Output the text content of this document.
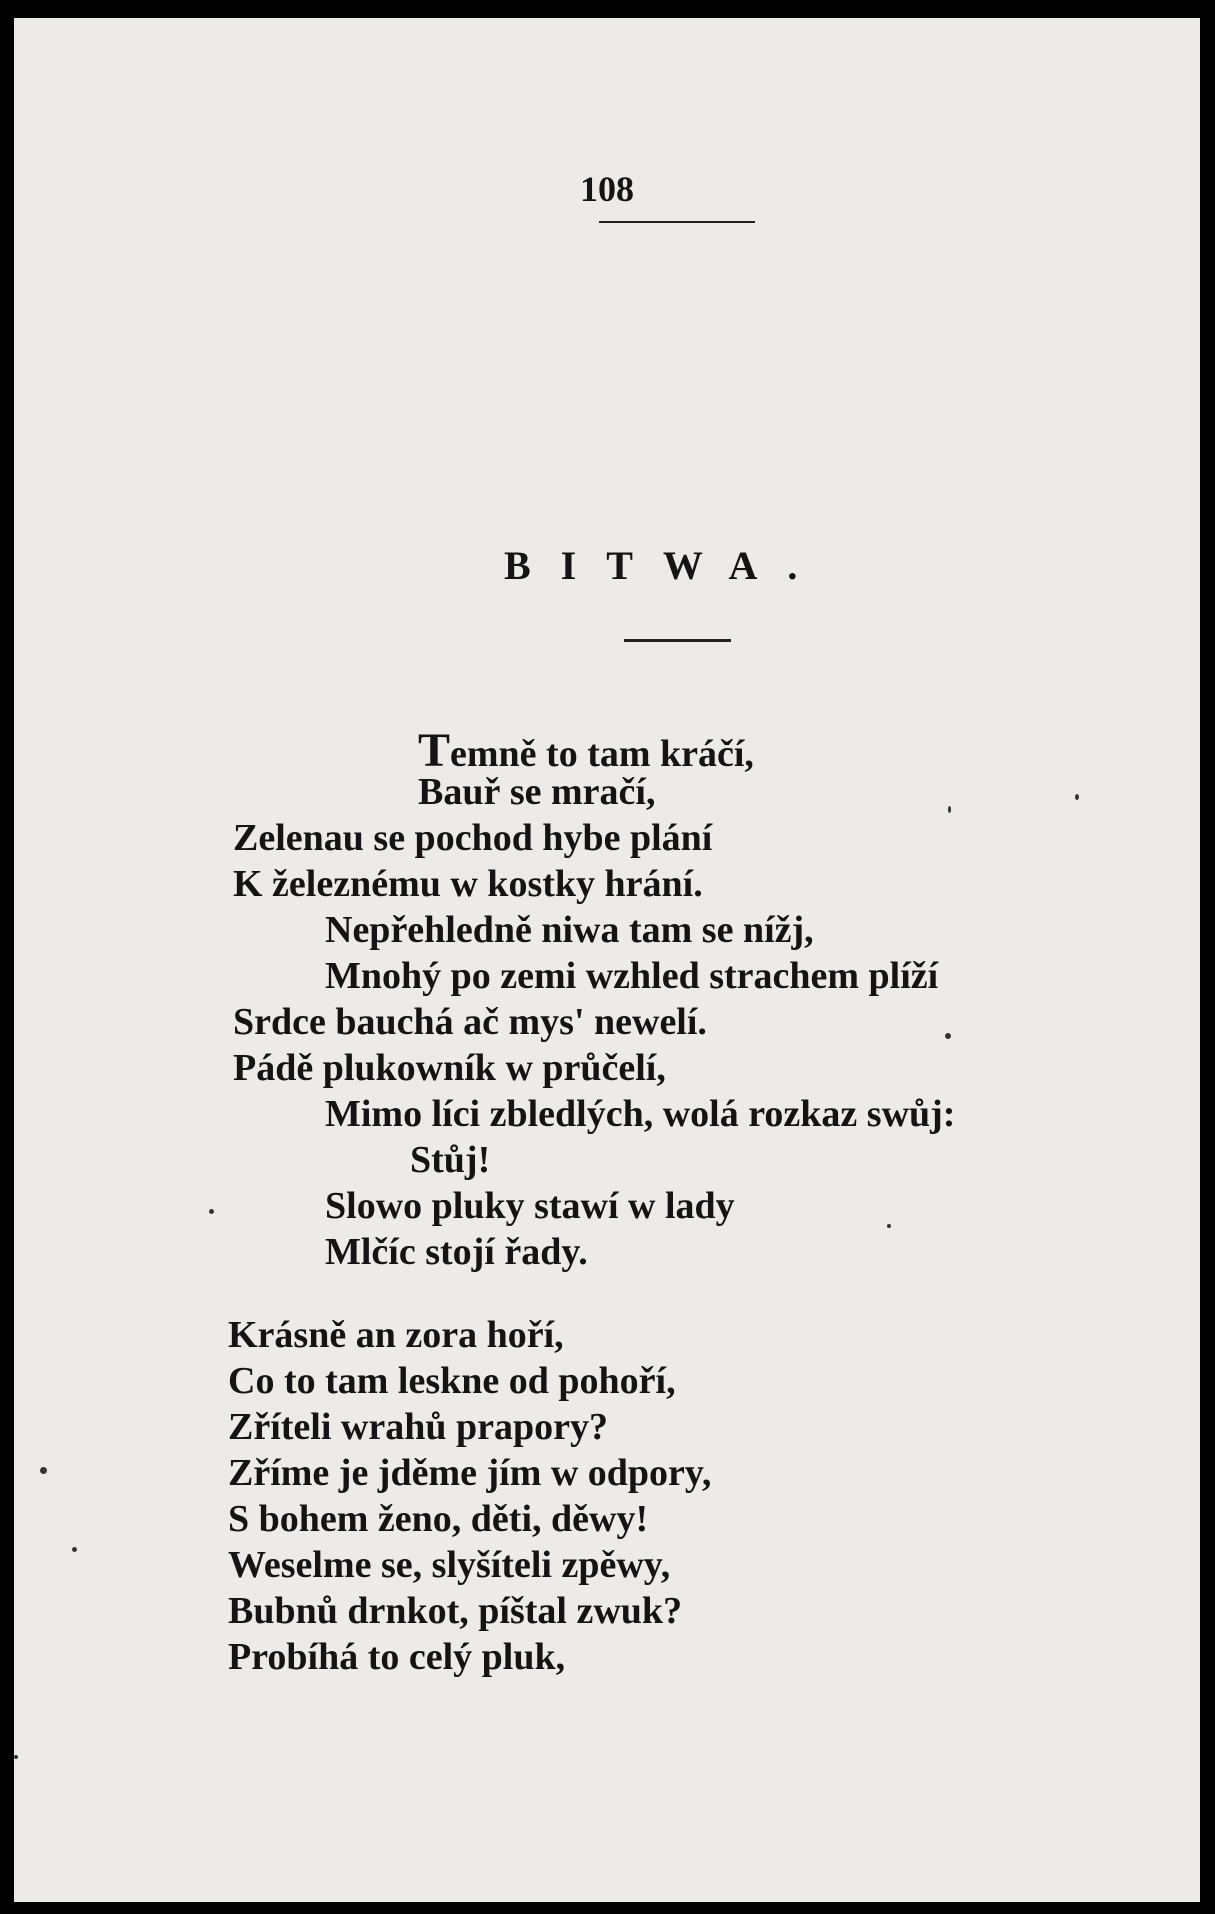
108
BITWA.
Temně to tam kráčí,
Bauř se mračí,
Zelenau se pochod hybe plání
K železnému w kostky hrání.
Nepřehledně niwa tam se nížj,
Mnohý po zemi wzhled strachem plíží
Srdce bauchá ač mys' newelí.
Pádě plukowník w průčelí,
Mimo líci zbledlých, wolá rozkaz swůj:
Stůj!
Slowo pluky stawí w lady
Mlčíc stojí řady.
Krásně an zora hoří,
Co to tam leskne od pohoří,
Zříteli wrahů prapory?
Zříme je jděme jím w odpory,
S bohem ženo, děti, děwy!
Weselme se, slyšíteli zpěwy,
Bubnů drnkot, píštal zwuk?
Probíhá to celý pluk,
